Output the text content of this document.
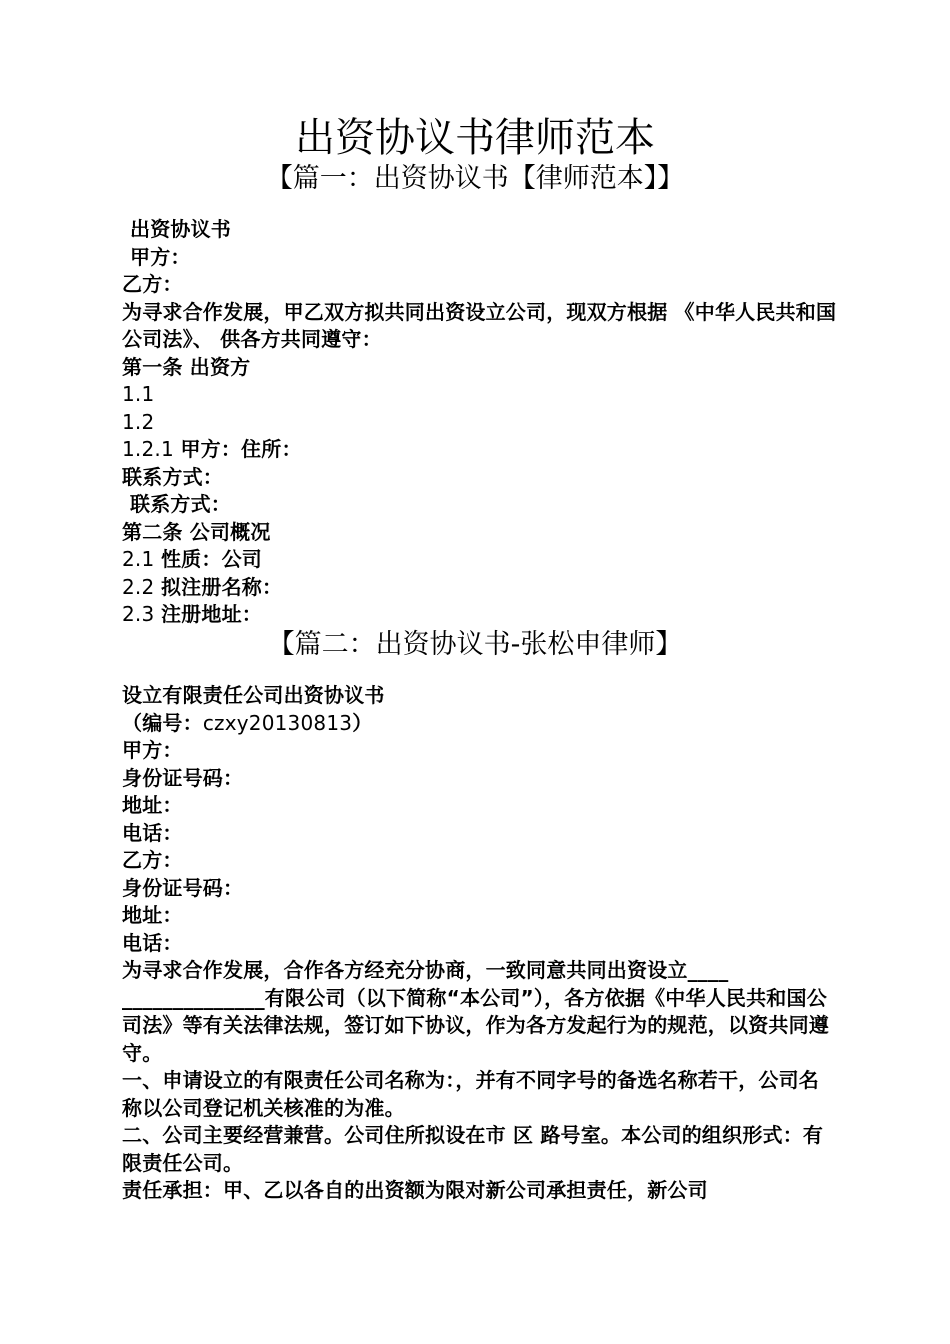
出资协议书律师范本
【篇一：出资协议书【律师范本】】

出资协议书

甲方：

乙方：

为寻求合作发展，甲乙双方拟共同出资设立公司，现双方根据 《中华人民共和国公司法》、 供各方共同遵守：

第一条 出资方

1.1

1.2

1.2.1 甲方：住所：

联系方式：

联系方式：

第二条 公司概况

2.1 性质：公司

2.2 拟注册名称：

2.3 注册地址：

【篇二：出资协议书-张松申律师】

设立有限责任公司出资协议书

（编号：czxy20130813）

甲方：

身份证号码：

地址：

电话：

乙方：

身份证号码：

地址：

电话：

为寻求合作发展，合作各方经充分协商，一致同意共同出资设立____ ______________有限公司（以下简称“本公司”），各方依据《中华人民共和国公司法》等有关法律法规，签订如下协议，作为各方发起行为的规范，以资共同遵守。

一、申请设立的有限责任公司名称为：，并有不同字号的备选名称若干，公司名称以公司登记机关核准的为准。

二、公司主要经营兼营。公司住所拟设在市 区 路号室。本公司的组织形式：有限责任公司。

责任承担：甲、乙以各自的出资额为限对新公司承担责任，新公司
